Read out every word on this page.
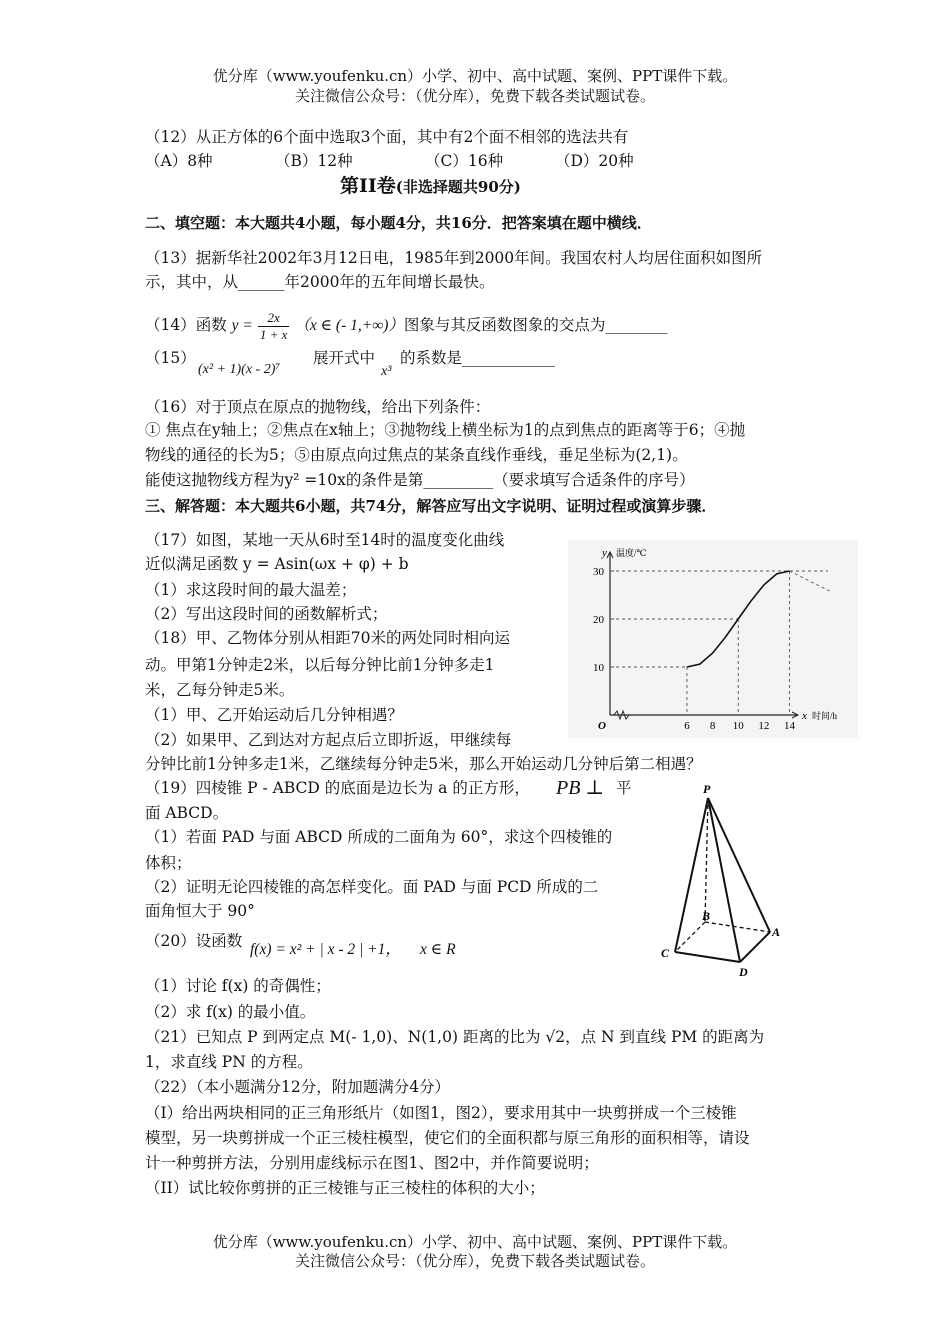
优分库（www.youfenku.cn）小学、初中、高中试题、案例、PPT课件下载。
关注微信公众号：（优分库），免费下载各类试题试卷。
（12）从正方体的6个面中选取3个面，其中有2个面不相邻的选法共有
（A）8种	（B）12种	（C）16种	（D）20种
第II卷(非选择题共90分)
二、填空题：本大题共4小题，每小题4分，共16分．把答案填在题中横线．
（13）据新华社2002年3月12日电，1985年到2000年间。我国农村人均居住面积如图所
示，其中，从______年2000年的五年间增长最快。
（14）函数 $y = \frac{2x}{1 + x} (x$ ∈ (- 1,+∞)）图象与其反函数图象的交点为________
（15）
(x² + 1)(x - 2)⁷
展开式中
x³
的系数是____________
（16）对于顶点在原点的抛物线，给出下列条件：
① 焦点在y轴上；②焦点在x轴上；③抛物线上横坐标为1的点到焦点的距离等于6；④抛
物线的通径的长为5；⑤由原点向过焦点的某条直线作垂线，垂足坐标为(2,1)。
能使这抛物线方程为y² =10x的条件是第_________（要求填写合适条件的序号）
三、解答题：本大题共6小题，共74分，解答应写出文字说明、证明过程或演算步骤．
（17）如图，某地一天从6时至14时的温度变化曲线
近似满足函数 y = Asin(ωx + φ) + b
（1）求这段时间的最大温差；
（2）写出这段时间的函数解析式；
（18）甲、乙物体分别从相距70米的两处同时相向运
动。甲第1分钟走2米，以后每分钟比前1分钟多走1
米，乙每分钟走5米。
（1）甲、乙开始运动后几分钟相遇？
（2）如果甲、乙到达对方起点后立即折返，甲继续每
分钟比前1分钟多走1米，乙继续每分钟走5米，那么开始运动几分钟后第二相遇？
y 温度/℃
x 时间/h
O	6 8 10 12 14
10
20
30
（19）四棱锥 P - ABCD 的底面是边长为 a 的正方形， PB ⊥ 平
面 ABCD。
（1）若面 PAD 与面 ABCD 所成的二面角为 60°，求这个四棱锥的
体积；
（2）证明无论四棱锥的高怎样变化。面 PAD 与面 PCD 所成的二
面角恒大于 90°
P
B
A
C
D
（20）设函数 f(x) = x² + | x - 2 | +1， x ∈ R
（1）讨论 f(x) 的奇偶性；
（2）求 f(x) 的最小值。
（21）已知点 P 到两定点 M(- 1,0)、N(1,0) 距离的比为 √2，点 N 到直线 PM 的距离为
1，求直线 PN 的方程。
（22）（本小题满分12分，附加题满分4分）
（I）给出两块相同的正三角形纸片（如图1，图2），要求用其中一块剪拼成一个三棱锥
模型，另一块剪拼成一个正三棱柱模型，使它们的全面积都与原三角形的面积相等，请设
计一种剪拼方法，分别用虚线标示在图1、图2中，并作简要说明；
（II）试比较你剪拼的正三棱锥与正三棱柱的体积的大小；
优分库（www.youfenku.cn）小学、初中、高中试题、案例、PPT课件下载。
关注微信公众号：（优分库），免费下载各类试题试卷。
